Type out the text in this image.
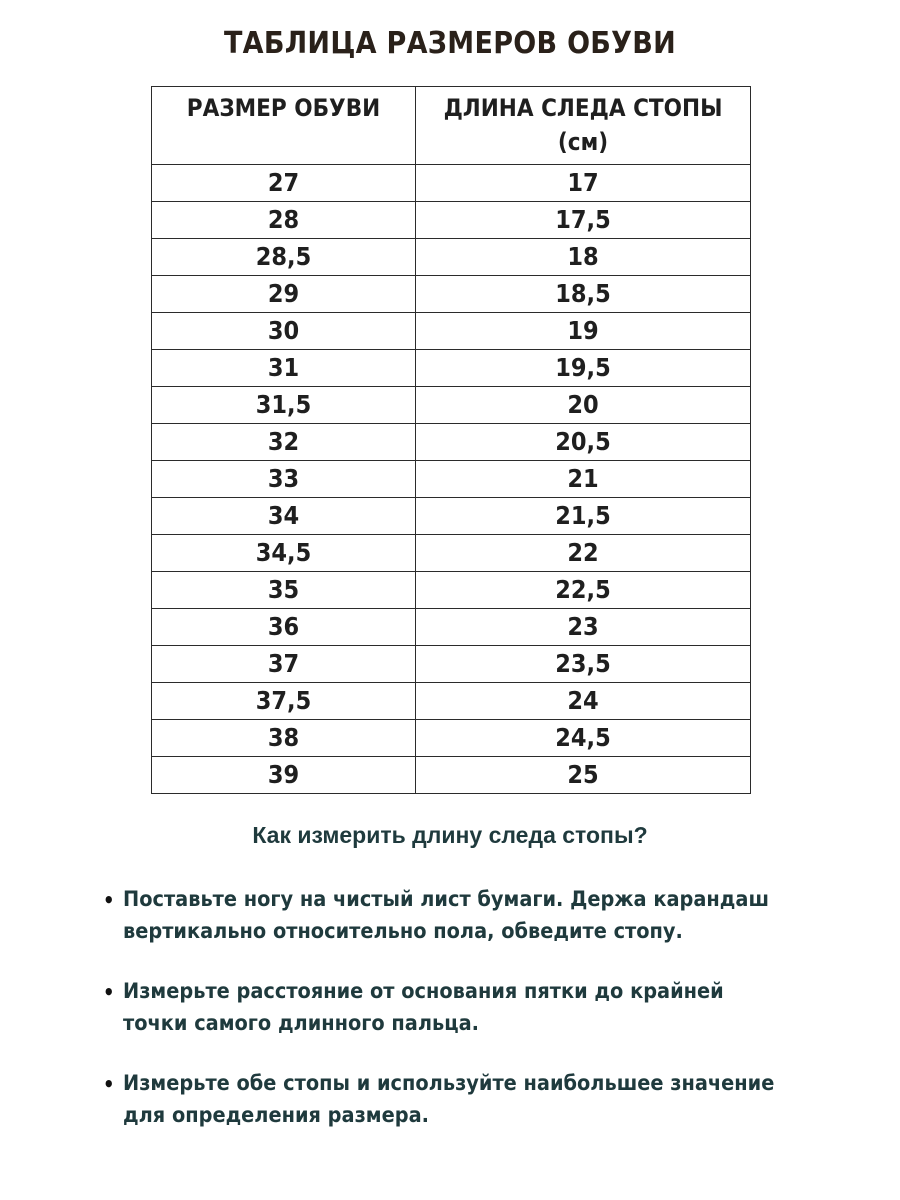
ТАБЛИЦА РАЗМЕРОВ ОБУВИ
РАЗМЕР ОБУВИ	ДЛИНА СЛЕДА СТОПЫ (см)
27	17
28	17,5
28,5	18
29	18,5
30	19
31	19,5
31,5	20
32	20,5
33	21
34	21,5
34,5	22
35	22,5
36	23
37	23,5
37,5	24
38	24,5
39	25
Как измерить длину следа стопы?
• Поставьте ногу на чистый лист бумаги. Держа карандаш вертикально относительно пола, обведите стопу.
• Измерьте расстояние от основания пятки до крайней точки самого длинного пальца.
• Измерьте обе стопы и используйте наибольшее значение для определения размера.
